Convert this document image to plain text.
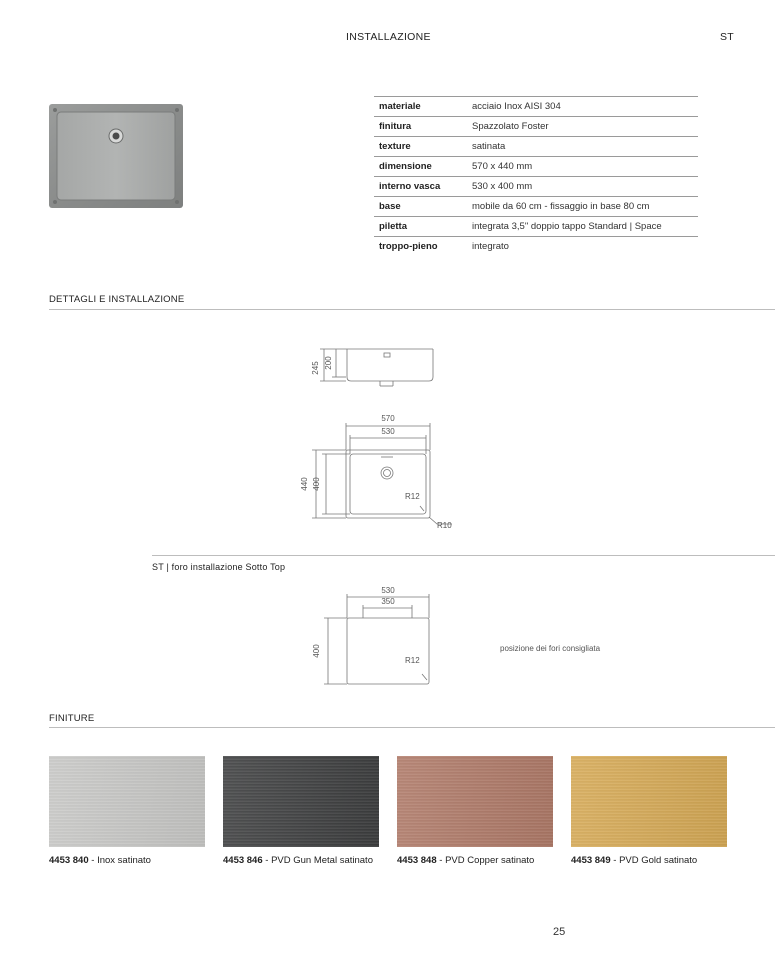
INSTALLAZIONE	ST
materiale	acciaio Inox AISI 304
finitura	Spazzolato Foster
texture	satinata
dimensione	570 x 440 mm
interno vasca	530 x 400 mm
base	mobile da 60 cm - fissaggio in base 80 cm
piletta	integrata 3,5" doppio tappo Standard | Space
troppo-pieno	integrato
DETTAGLI E INSTALLAZIONE
245 200
570
530
440 400
R12
R10
ST | foro installazione Sotto Top
530
350
400
R12
posizione dei fori consigliata
FINITURE
4453 840 - Inox satinato	4453 846 - PVD Gun Metal satinato	4453 848 - PVD Copper satinato	4453 849 - PVD Gold satinato
25
